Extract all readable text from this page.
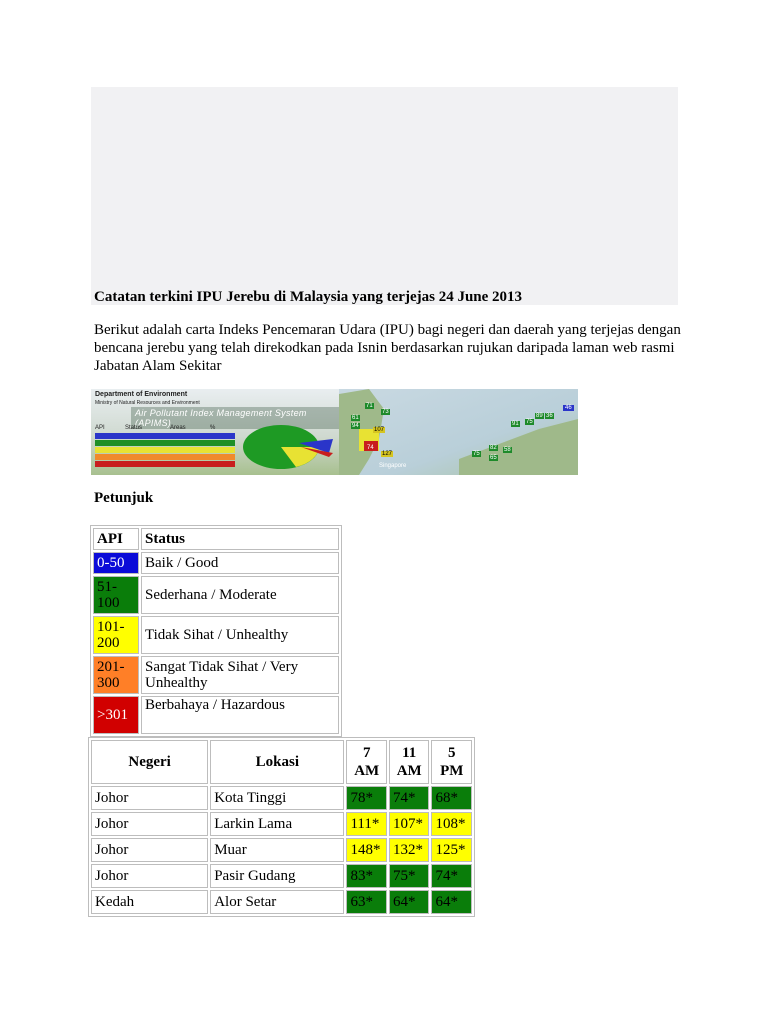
Catatan terkini IPU Jerebu di Malaysia yang terjejas 24 June 2013
Berikut adalah carta Indeks Pencemaran Udara (IPU) bagi negeri dan daerah yang terjejas dengan bencana jerebu yang telah direkodkan pada Isnin berdasarkan rujukan daripada laman web rasmi Jabatan Alam Sekitar
Department of Environment
Ministry of Natural Resources and Environment
Air Pollutant Index Management System (APIMS)
API	Status	Areas	%
Singapore
71
73
61
94
107
74
127	75
82
65
58
91 75
89 36
46
Petunjuk
API	Status
0-50	Baik / Good
51-100	Sederhana / Moderate
101-200	Tidak Sihat / Unhealthy
201-300	Sangat Tidak Sihat / Very Unhealthy
>301	Berbahaya / Hazardous
Negeri	Lokasi	7 AM	11 AM	5 PM
Johor	Kota Tinggi	78*	74*	68*
Johor	Larkin Lama	111*	107*	108*
Johor	Muar	148*	132*	125*
Johor	Pasir Gudang	83*	75*	74*
Kedah	Alor Setar	63*	64*	64*
